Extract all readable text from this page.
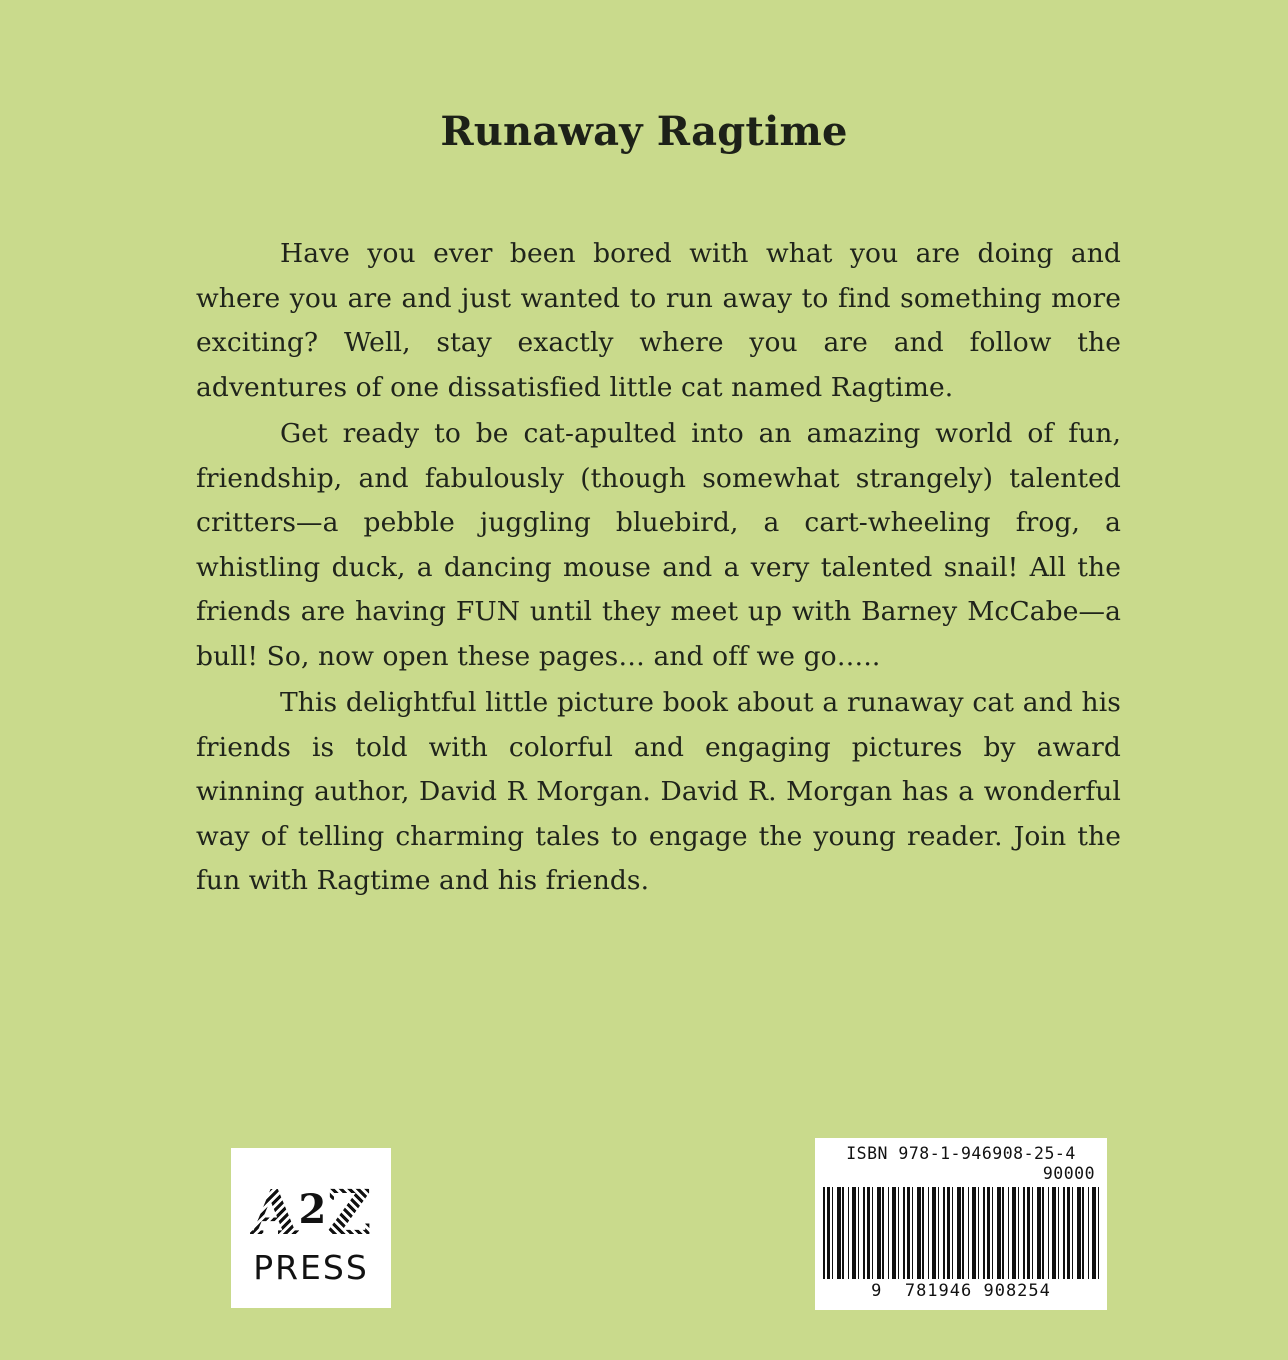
Runaway Ragtime

Have you ever been bored with what you are doing and where you are and just wanted to run away to find something more exciting? Well, stay exactly where you are and follow the adventures of one dissatisfied little cat named Ragtime.

Get ready to be cat-apulted into an amazing world of fun, friendship, and fabulously (though somewhat strangely) talented critters—a pebble juggling bluebird, a cart-wheeling frog, a whistling duck, a dancing mouse and a very talented snail! All the friends are having FUN until they meet up with Barney McCabe—a bull! So, now open these pages… and off we go…..

This delightful little picture book about a runaway cat and his friends is told with colorful and engaging pictures by award winning author, David R Morgan. David R. Morgan has a wonderful way of telling charming tales to engage the young reader. Join the fun with Ragtime and his friends.

A 2 Z
PRESS
ISBN 978-1-946908-25-4
90000
9 781946 908254
